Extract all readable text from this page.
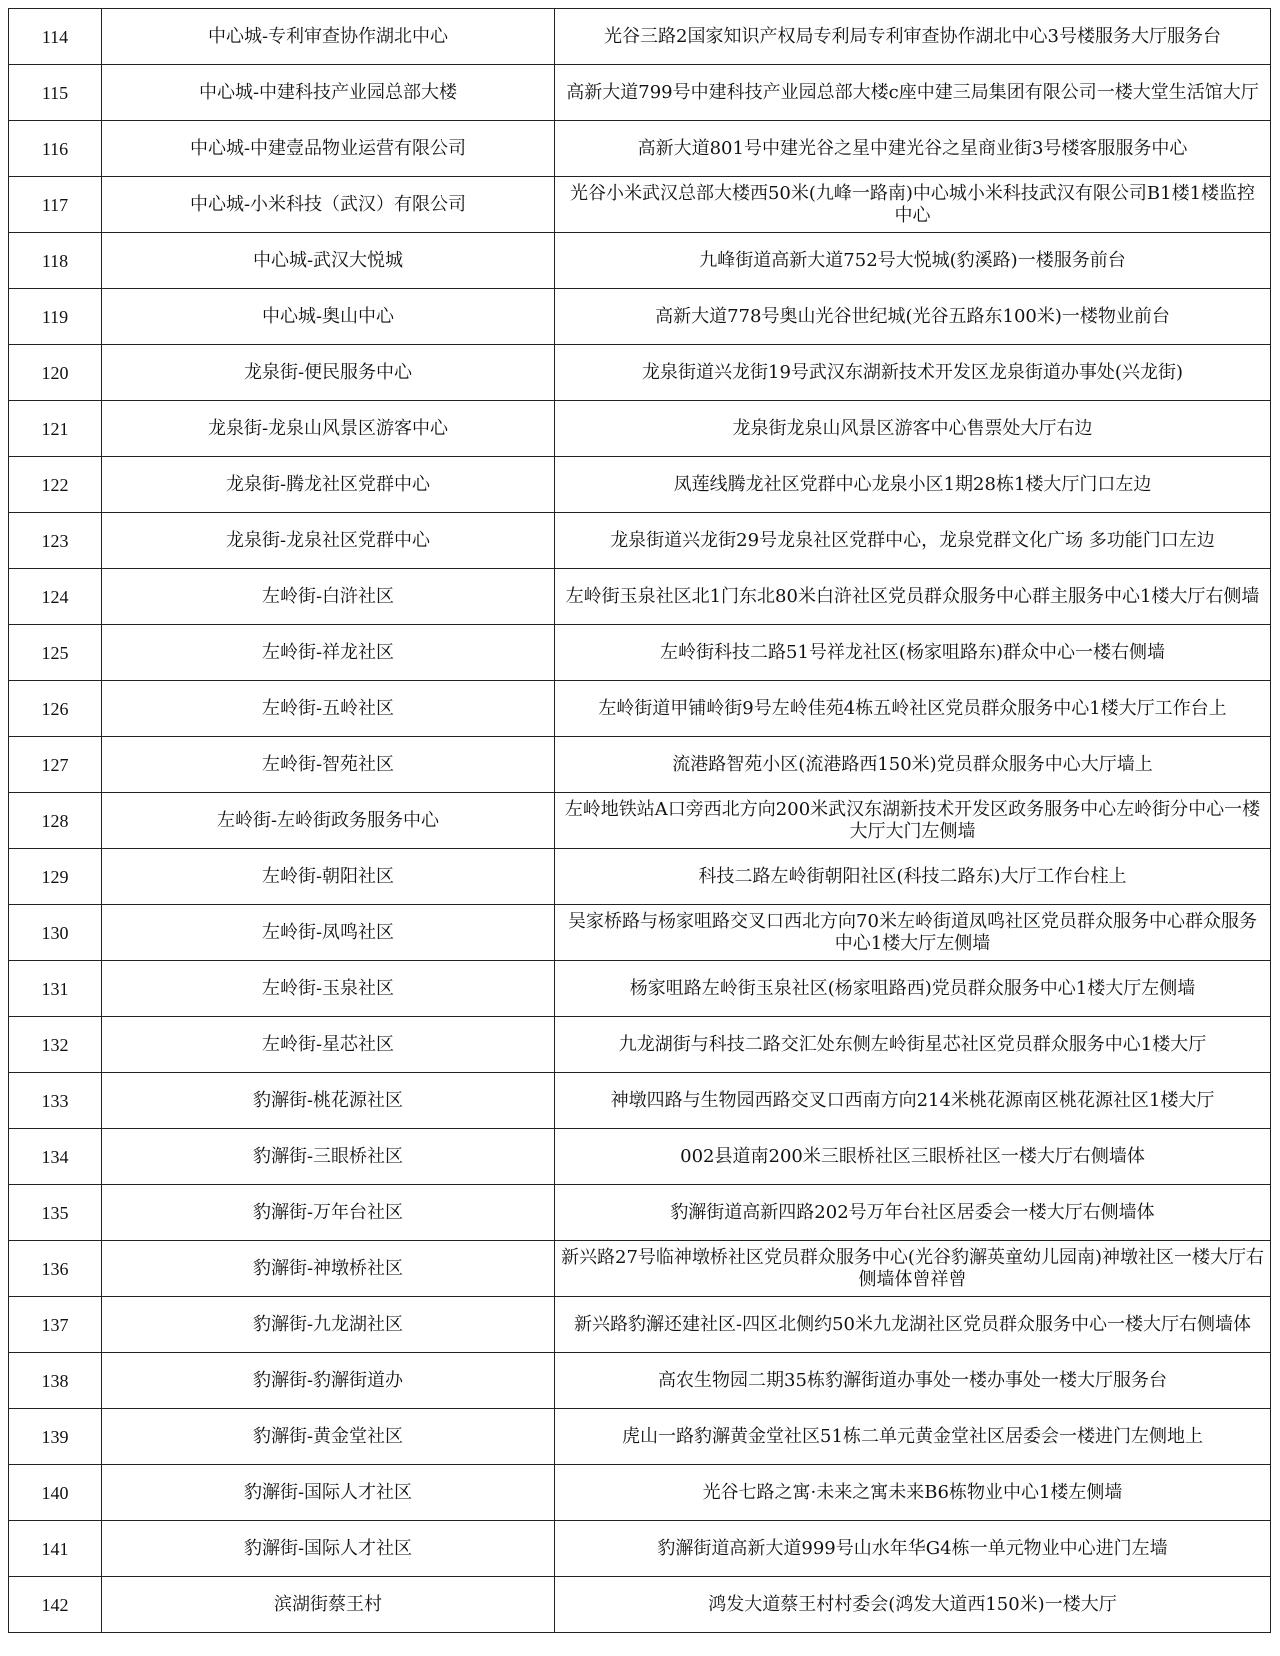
114	中心城-专利审查协作湖北中心	光谷三路2国家知识产权局专利局专利审查协作湖北中心3号楼服务大厅服务台
115	中心城-中建科技产业园总部大楼	高新大道799号中建科技产业园总部大楼c座中建三局集团有限公司一楼大堂生活馆大厅
116	中心城-中建壹品物业运营有限公司	高新大道801号中建光谷之星中建光谷之星商业街3号楼客服服务中心
117	中心城-小米科技（武汉）有限公司	光谷小米武汉总部大楼西50米(九峰一路南)中心城小米科技武汉有限公司B1楼1楼监控中心
118	中心城-武汉大悦城	九峰街道高新大道752号大悦城(豹溪路)一楼服务前台
119	中心城-奥山中心	高新大道778号奥山光谷世纪城(光谷五路东100米)一楼物业前台
120	龙泉街-便民服务中心	龙泉街道兴龙街19号武汉东湖新技术开发区龙泉街道办事处(兴龙街)
121	龙泉街-龙泉山风景区游客中心	龙泉街龙泉山风景区游客中心售票处大厅右边
122	龙泉街-腾龙社区党群中心	凤莲线腾龙社区党群中心龙泉小区1期28栋1楼大厅门口左边
123	龙泉街-龙泉社区党群中心	龙泉街道兴龙街29号龙泉社区党群中心，龙泉党群文化广场 多功能门口左边
124	左岭街-白浒社区	左岭街玉泉社区北1门东北80米白浒社区党员群众服务中心群主服务中心1楼大厅右侧墙
125	左岭街-祥龙社区	左岭街科技二路51号祥龙社区(杨家咀路东)群众中心一楼右侧墙
126	左岭街-五岭社区	左岭街道甲铺岭街9号左岭佳苑4栋五岭社区党员群众服务中心1楼大厅工作台上
127	左岭街-智苑社区	流港路智苑小区(流港路西150米)党员群众服务中心大厅墙上
128	左岭街-左岭街政务服务中心	左岭地铁站A口旁西北方向200米武汉东湖新技术开发区政务服务中心左岭街分中心一楼大厅大门左侧墙
129	左岭街-朝阳社区	科技二路左岭街朝阳社区(科技二路东)大厅工作台柱上
130	左岭街-凤鸣社区	吴家桥路与杨家咀路交叉口西北方向70米左岭街道凤鸣社区党员群众服务中心群众服务中心1楼大厅左侧墙
131	左岭街-玉泉社区	杨家咀路左岭街玉泉社区(杨家咀路西)党员群众服务中心1楼大厅左侧墙
132	左岭街-星芯社区	九龙湖街与科技二路交汇处东侧左岭街星芯社区党员群众服务中心1楼大厅
133	豹澥街-桃花源社区	神墩四路与生物园西路交叉口西南方向214米桃花源南区桃花源社区1楼大厅
134	豹澥街-三眼桥社区	002县道南200米三眼桥社区三眼桥社区一楼大厅右侧墙体
135	豹澥街-万年台社区	豹澥街道高新四路202号万年台社区居委会一楼大厅右侧墙体
136	豹澥街-神墩桥社区	新兴路27号临神墩桥社区党员群众服务中心(光谷豹澥英童幼儿园南)神墩社区一楼大厅右侧墙体曾祥曾
137	豹澥街-九龙湖社区	新兴路豹澥还建社区-四区北侧约50米九龙湖社区党员群众服务中心一楼大厅右侧墙体
138	豹澥街-豹澥街道办	高农生物园二期35栋豹澥街道办事处一楼办事处一楼大厅服务台
139	豹澥街-黄金堂社区	虎山一路豹澥黄金堂社区51栋二单元黄金堂社区居委会一楼进门左侧地上
140	豹澥街-国际人才社区	光谷七路之寓·未来之寓未来B6栋物业中心1楼左侧墙
141	豹澥街-国际人才社区	豹澥街道高新大道999号山水年华G4栋一单元物业中心进门左墙
142	滨湖街蔡王村	鸿发大道蔡王村村委会(鸿发大道西150米)一楼大厅
